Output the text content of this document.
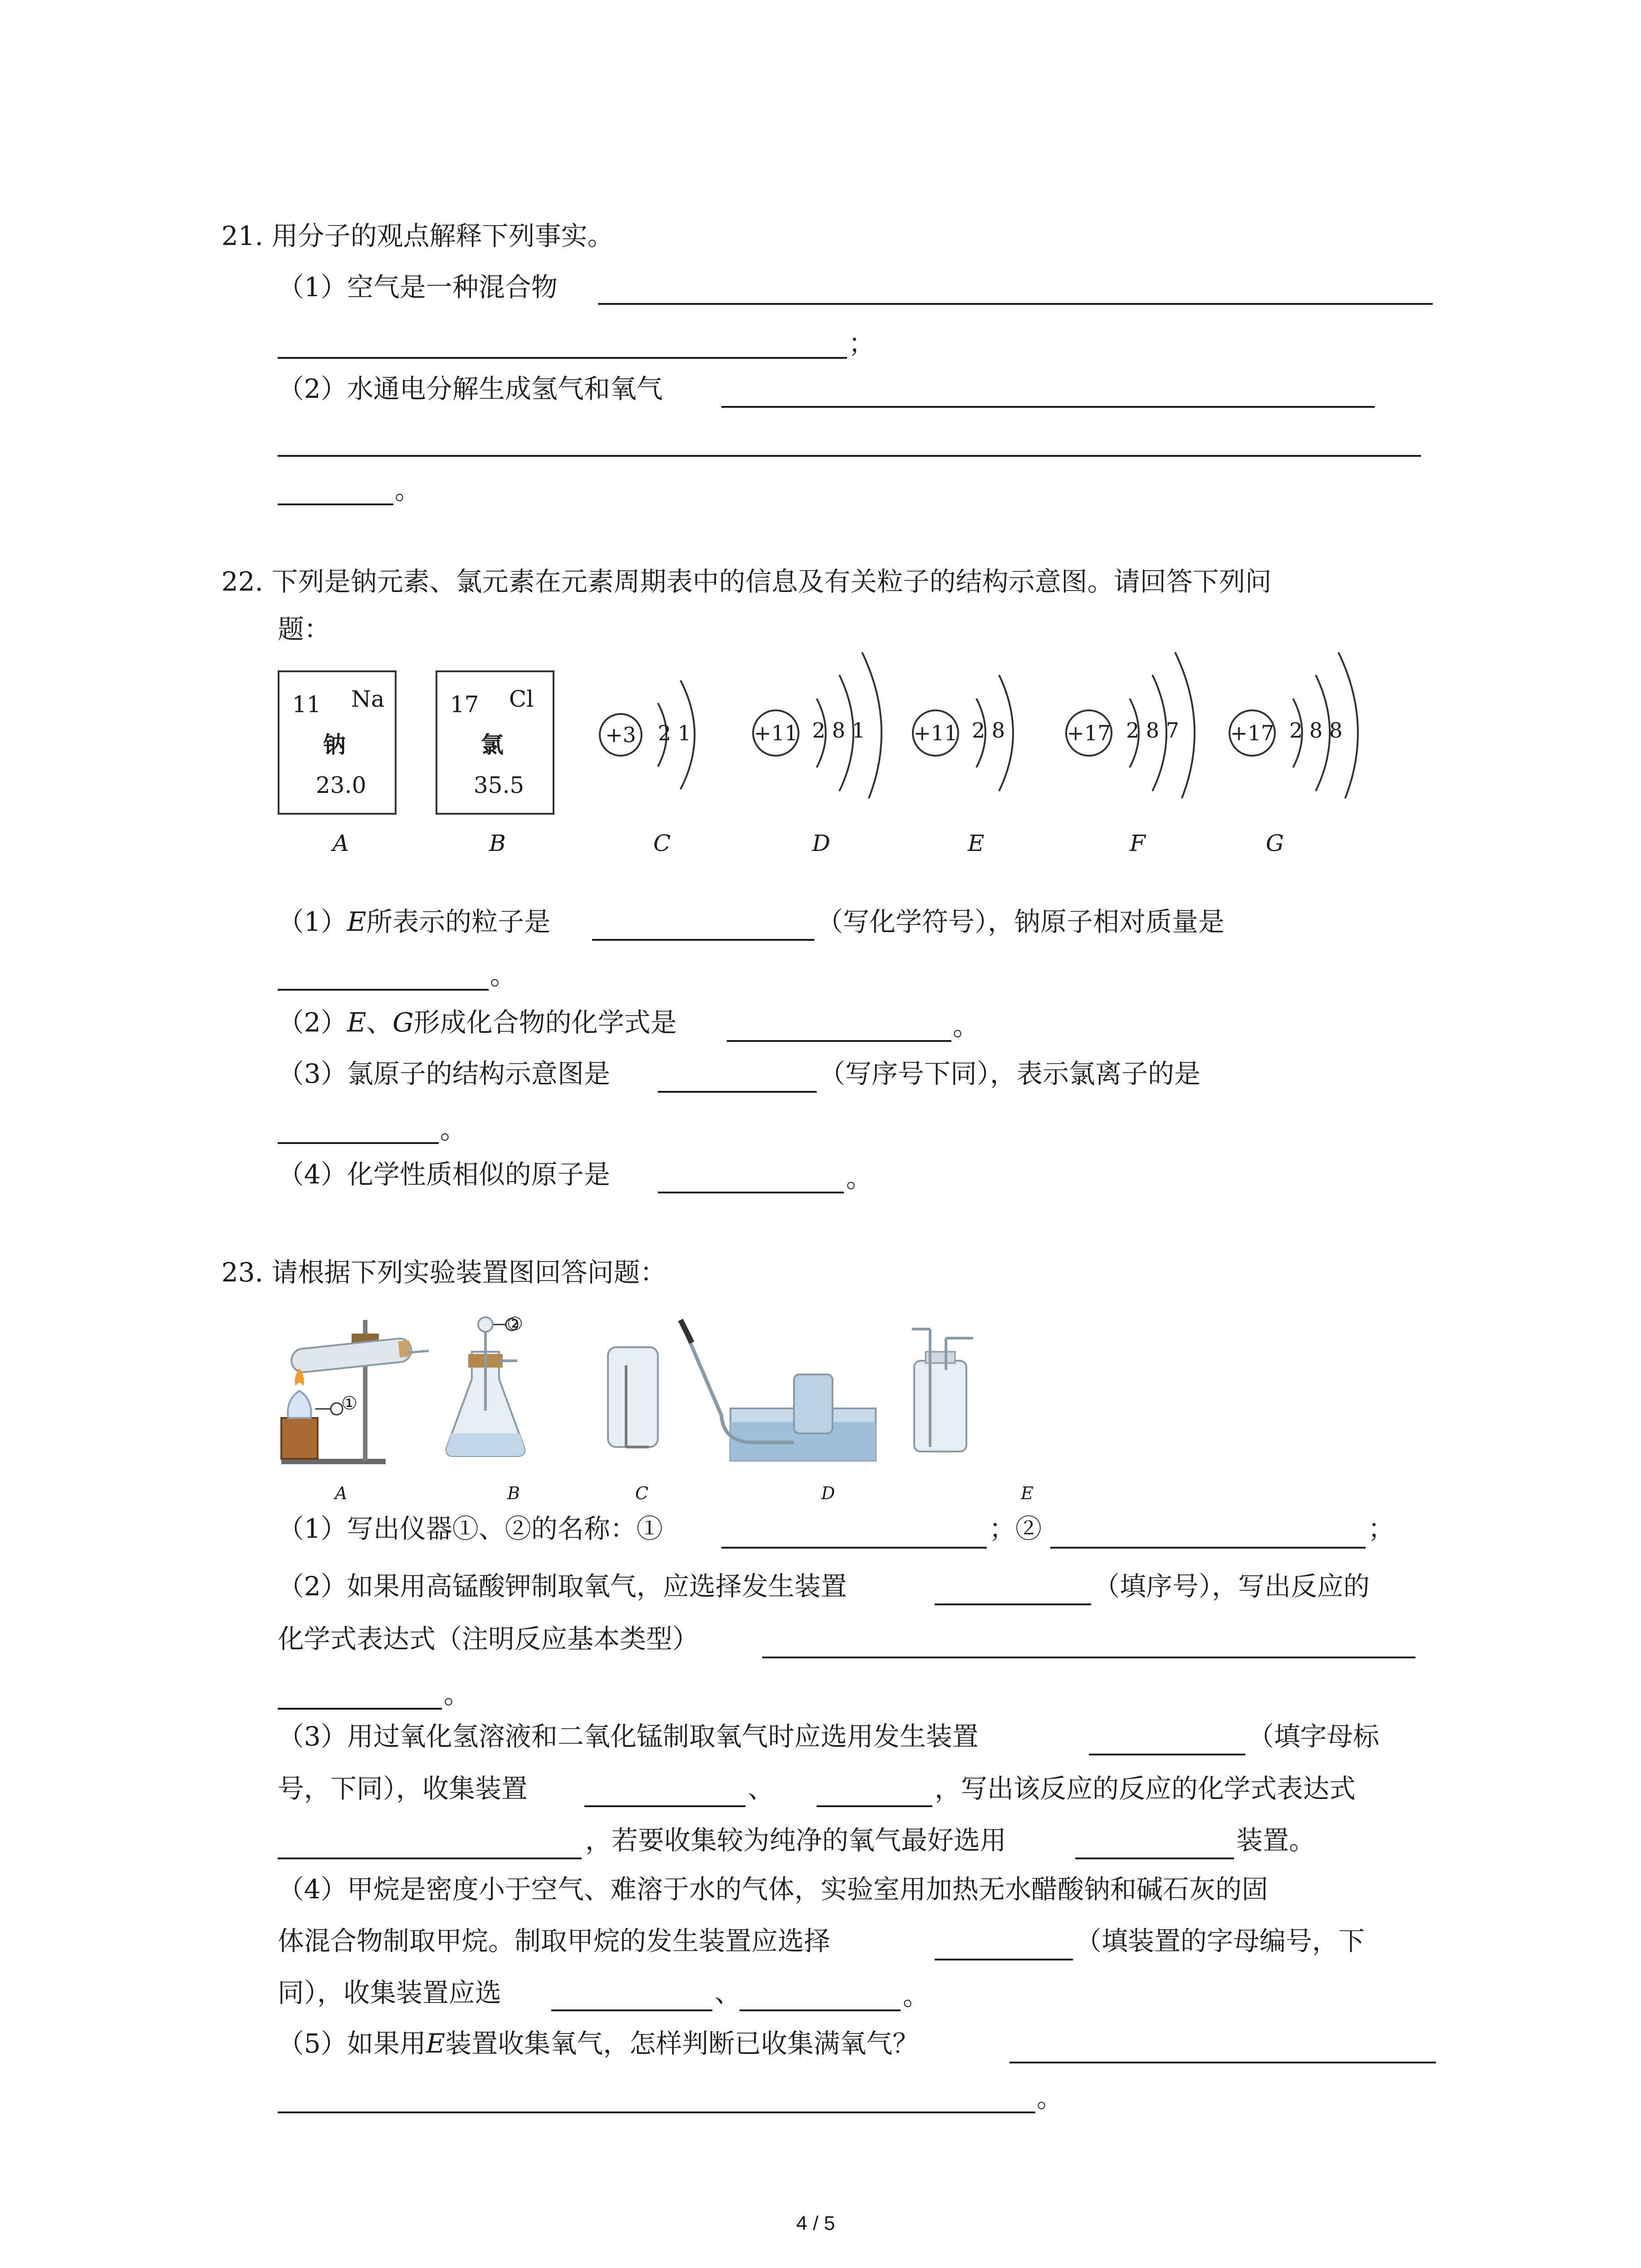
21. 用分子的观点解释下列事实。
（1）空气是一种混合物
；
（2）水通电分解生成氢气和氧气
。
22. 下列是钠元素、氯元素在元素周期表中的信息及有关粒子的结构示意图。请回答下列问
题：
11 Na
钠
23.0
17 Cl
氯
35.5
+3	+11	+11	+17	+17
2 1	2 8 1	2 8	2 8 7	2 8 8
A	B	C	D	E	F	G
（1）E所表示的粒子是	（写化学符号），钠原子相对质量是
。
（2）E、G形成化合物的化学式是	。
（3）氯原子的结构示意图是	（写序号下同），表示氯离子的是
。
（4）化学性质相似的原子是	。
23. 请根据下列实验装置图回答问题：
①
②
A	B	C	D	E
（1）写出仪器①、②的名称：①	；②	；
（2）如果用高锰酸钾制取氧气，应选择发生装置	（填序号），写出反应的
化学式表达式（注明反应基本类型）
。
（3）用过氧化氢溶液和二氧化锰制取氧气时应选用发生装置	（填字母标
号，下同），收集装置	、	，写出该反应的反应的化学式表达式
，若要收集较为纯净的氧气最好选用	装置。
（4）甲烷是密度小于空气、难溶于水的气体，实验室用加热无水醋酸钠和碱石灰的固
体混合物制取甲烷。制取甲烷的发生装置应选择	（填装置的字母编号，下
同），收集装置应选	、	。
（5）如果用E装置收集氧气，怎样判断已收集满氧气？
。
4 / 5
